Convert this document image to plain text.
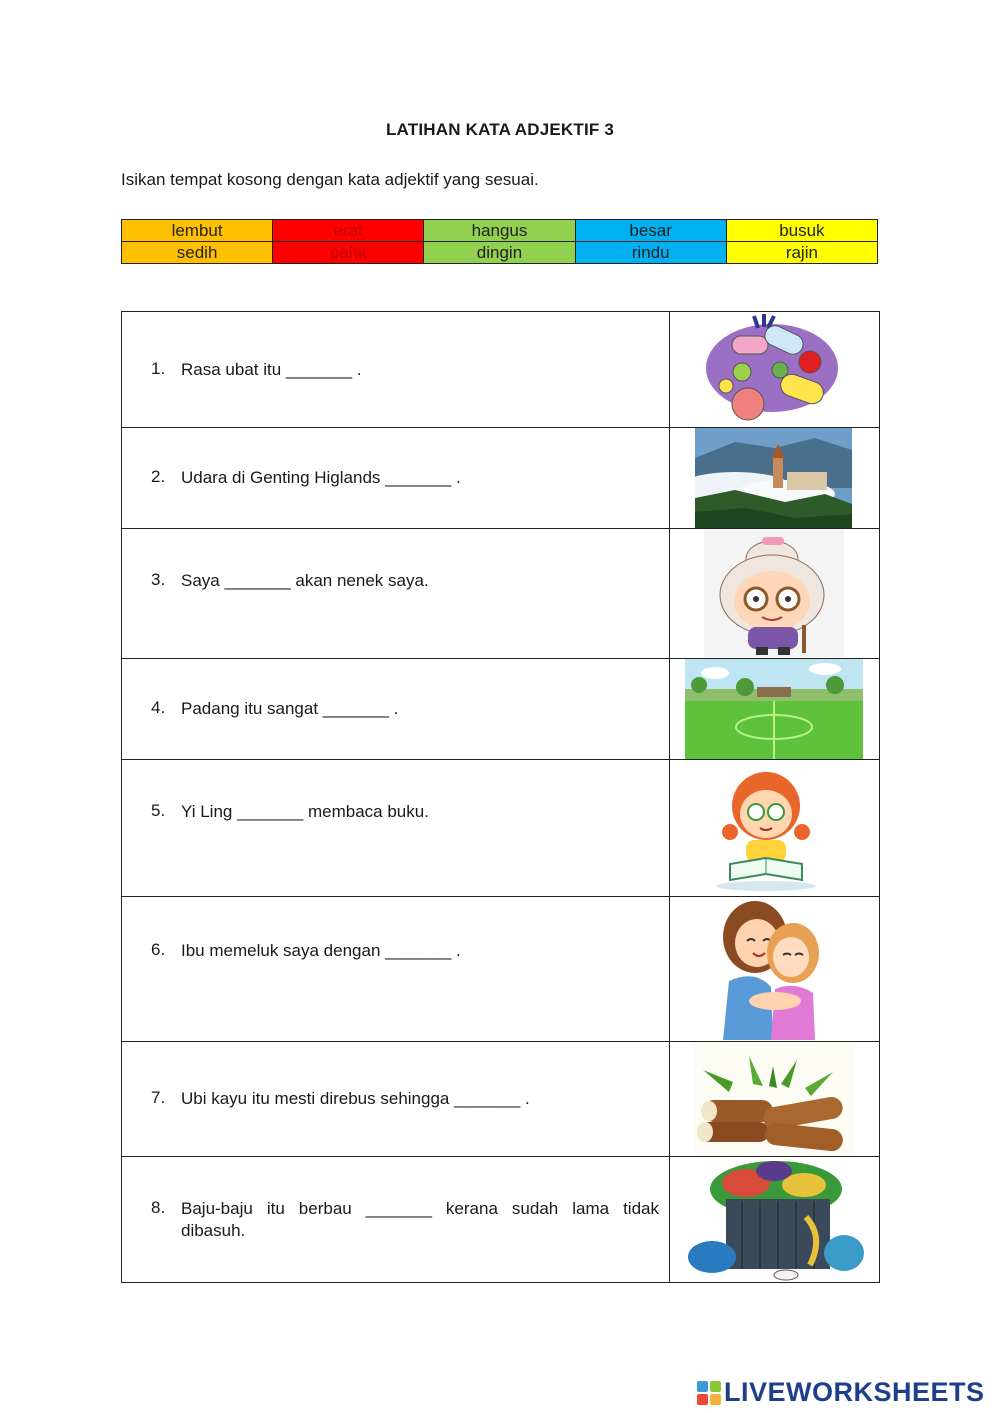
LATIHAN KATA ADJEKTIF 3
Isikan tempat kosong dengan kata adjektif yang sesuai.
lembut	erat	hangus	besar	busuk
sedih	pahit	dingin	rindu	rajin
1. Rasa ubat itu _______ .

2. Udara di Genting Higlands _______ .

3. Saya _______ akan nenek saya.

4. Padang itu sangat _______ .

5. Yi Ling _______ membaca buku.

6. Ibu memeluk saya dengan _______ .

7. Ubi kayu itu mesti direbus sehingga _______ .

8. Baju-baju itu berbau _______ kerana sudah lama tidak dibasuh.

LIVEWORKSHEETS
